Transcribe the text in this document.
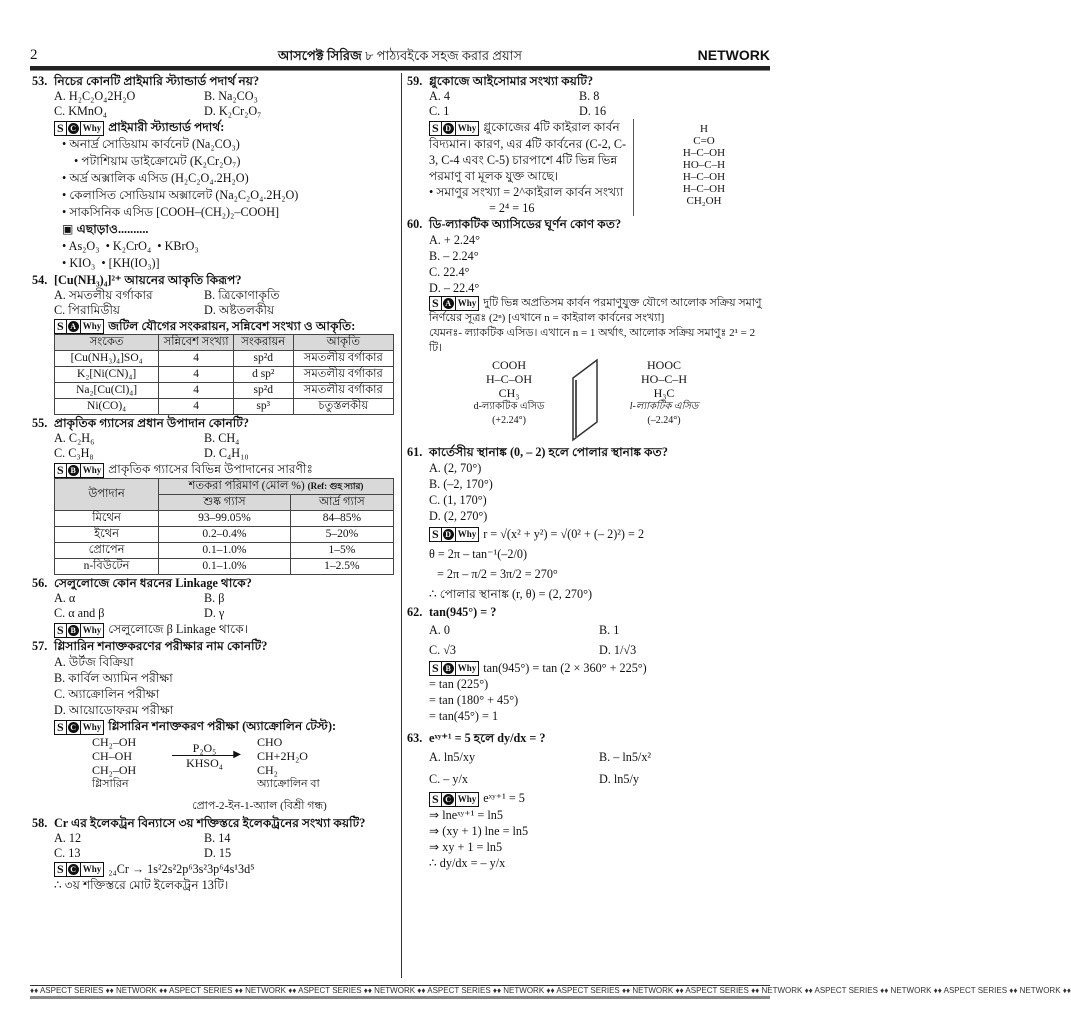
2	আসপেক্ট সিরিজ ৮ পাঠ্যবইকে সহজ করার প্রয়াস	NETWORK

53. নিচের কোনটি প্রাইমারি স্ট্যান্ডার্ড পদার্থ নয়?

A. H₂C₂O₄2H₂O	B. Na₂CO₃
C. KMnO₄	D. K₂Cr₂O₇
S C Why প্রাইমারী স্ট্যান্ডার্ড পদার্থ:
• অনার্দ্র সোডিয়াম কার্বনেট (Na₂CO₃)
• পটাশিয়াম ডাইক্রোমেট (K₂Cr₂O₇)
• অর্দ্র অক্সালিক এসিড (H₂C₂O₄.2H₂O)
• কেলাসিত সোডিয়াম অক্সালেট (Na₂C₂O₄.2H₂O)
• সাকসিনিক এসিড [COOH–(CH₂)₂–COOH]
▣ এছাড়াও..........
• As₂O₃  • K₂CrO₄  • KBrO₃
• KIO₃  • [KH(IO₃)]

54. [Cu(NH₃)₄]²⁺ আয়নের আকৃতি কিরূপ?

A. সমতলীয় বর্গাকার	B. ত্রিকোণাকৃতি
C. পিরামিডীয়	D. অষ্টতলকীয়
S A Why জটিল যৌগের সংকরায়ন, সন্নিবেশ সংখ্যা ও আকৃতি:
সংকেত	সন্নিবেশ সংখ্যা	সংকরায়ন	আকৃতি
[Cu(NH₃)₄]SO₄	4	sp²d	সমতলীয় বর্গাকার
K₂[Ni(CN)₄]	4	d sp²	সমতলীয় বর্গাকার
Na₂[Cu(Cl)₄]	4	sp²d	সমতলীয় বর্গাকার
Ni(CO)₄	4	sp³	চতুস্তলকীয়

55. প্রাকৃতিক গ্যাসের প্রধান উপাদান কোনটি?

A. C₂H₆	B. CH₄
C. C₃H₈	D. C₄H₁₀
S B Why প্রাকৃতিক গ্যাসের বিভিন্ন উপাদানের সারণীঃ
উপাদান	শতকরা পরিমাণ (মোল %) (Ref: গুহ স্যার)	
	শুষ্ক গ্যাস	আর্দ্র গ্যাস
মিথেন	93–99.05%	84–85%
ইথেন	0.2–0.4%	5–20%
প্রোপেন	0.1–1.0%	1–5%
n-বিউটেন	0.1–1.0%	1–2.5%

56. সেলুলোজে কোন ধরনের Linkage থাকে?

A. α	B. β
C. α and β	D. γ
S B Why সেলুলোজে β Linkage থাকে।

57. গ্লিসারিন শনাক্তকরণের পরীক্ষার নাম কোনটি?

A. উর্টজ বিক্রিয়া
B. কার্বিল অ্যামিন পরীক্ষা
C. অ্যাক্রোলিন পরীক্ষা
D. আয়োডোফরম পরীক্ষা
S C Why গ্লিসারিন শনাক্তকরণ পরীক্ষা (অ্যাক্রোলিন টেস্ট):
CH₂–OH
CH–OH
CH₂–OH
গ্লিসারিন
P₂O₅	▶
KHSO₄
CHO
CH+2H₂O
CH₂
অ্যাক্রোলিন বা
প্রোপ-2-ইন-1-অ্যাল (বিশ্রী গন্ধ)

58. Cr এর ইলেকট্রন বিন্যাসে ৩য় শক্তিস্তরে ইলেকট্রনের সংখ্যা কয়টি?

A. 12	B. 14
C. 13	D. 15
S C Why ₂₄Cr → 1s²2s²2p⁶3s²3p⁶4s¹3d⁵
∴ ৩য় শক্তিস্তরে মোট ইলেকট্রন 13টি।

59. গ্লুকোজে আইসোমার সংখ্যা কয়টি?

A. 4	B. 8
C. 1	D. 16
S D Why গ্লুকোজের 4টি কাইরাল কার্বন বিদ্যমান। কারণ, এর 4টি কার্বনের (C-2, C-3, C-4 এবং C-5) চারপাশে 4টি ভিন্ন ভিন্ন পরমাণু বা মূলক যুক্ত আছে।
• সমাণুর সংখ্যা = 2^কাইরাল কার্বন সংখ্যা
= 2⁴ = 16
H
C=O
H–C–OH
HO–C–H
H–C–OH
H–C–OH
CH₂OH

60. ডি-ল্যাকটিক অ্যাসিডের ঘূর্ণন কোণ কত?

A. + 2.24°
B. – 2.24°
C. 22.4°
D. – 22.4°
S A Why দুটি ভিন্ন অপ্রতিসম কার্বন পরমাণুযুক্ত যৌগে আলোক সক্রিয় সমাণু নির্ণয়ের সূত্রঃ (2ⁿ) [এখানে n = কাইরাল কার্বনের সংখ্যা]
যেমনঃ- ল্যাকটিক এসিড। এখানে n = 1 অর্থাৎ, আলোক সক্রিয় সমাণুঃ 2¹ = 2 টি।
COOH
H–C–OH
CH₃
d-ল্যাকটিক এসিড
(+2.24°)
HOOC
HO–C–H
H₃C
l-ল্যাকটিক এসিড
(–2.24°)

61. কার্তেসীয় স্থানাঙ্ক (0, – 2) হলে পোলার স্থানাঙ্ক কত?

A. (2, 70°)
B. (–2, 170°)
C. (1, 170°)
D. (2, 270°)
S D Why r = √(x² + y²) = √(0² + (– 2)²) = 2
θ = 2π – tan⁻¹(–2/0)
= 2π – π/2 = 3π/2 = 270°
∴ পোলার স্থানাঙ্ক (r, θ) = (2, 270°)

62. tan(945°) = ?

A. 0	B. 1
C. √3	D. 1/√3
S B Why tan(945°) = tan (2 × 360° + 225°)
= tan (225°)
= tan (180° + 45°)
= tan(45°) = 1

63. eˣʸ⁺¹ = 5 হলে dy/dx = ?

A. ln5/xy	B. – ln5/x²
C. – y/x	D. ln5/y
S C Why eˣʸ⁺¹ = 5
⇒ lneˣʸ⁺¹ = ln5
⇒ (xy + 1) lne = ln5
⇒ xy + 1 = ln5
∴ dy/dx = – y/x
♦♦ ASPECT SERIES ♦♦ NETWORK ♦♦ ASPECT SERIES ♦♦ NETWORK ♦♦ ASPECT SERIES ♦♦ NETWORK ♦♦ ASPECT SERIES ♦♦ NETWORK ♦♦ ASPECT SERIES ♦♦ NETWORK ♦♦ ASPECT SERIES ♦♦ NETWORK ♦♦ ASPECT SERIES ♦♦ NETWORK ♦♦ ASPECT SERIES ♦♦ NETWORK ♦♦
